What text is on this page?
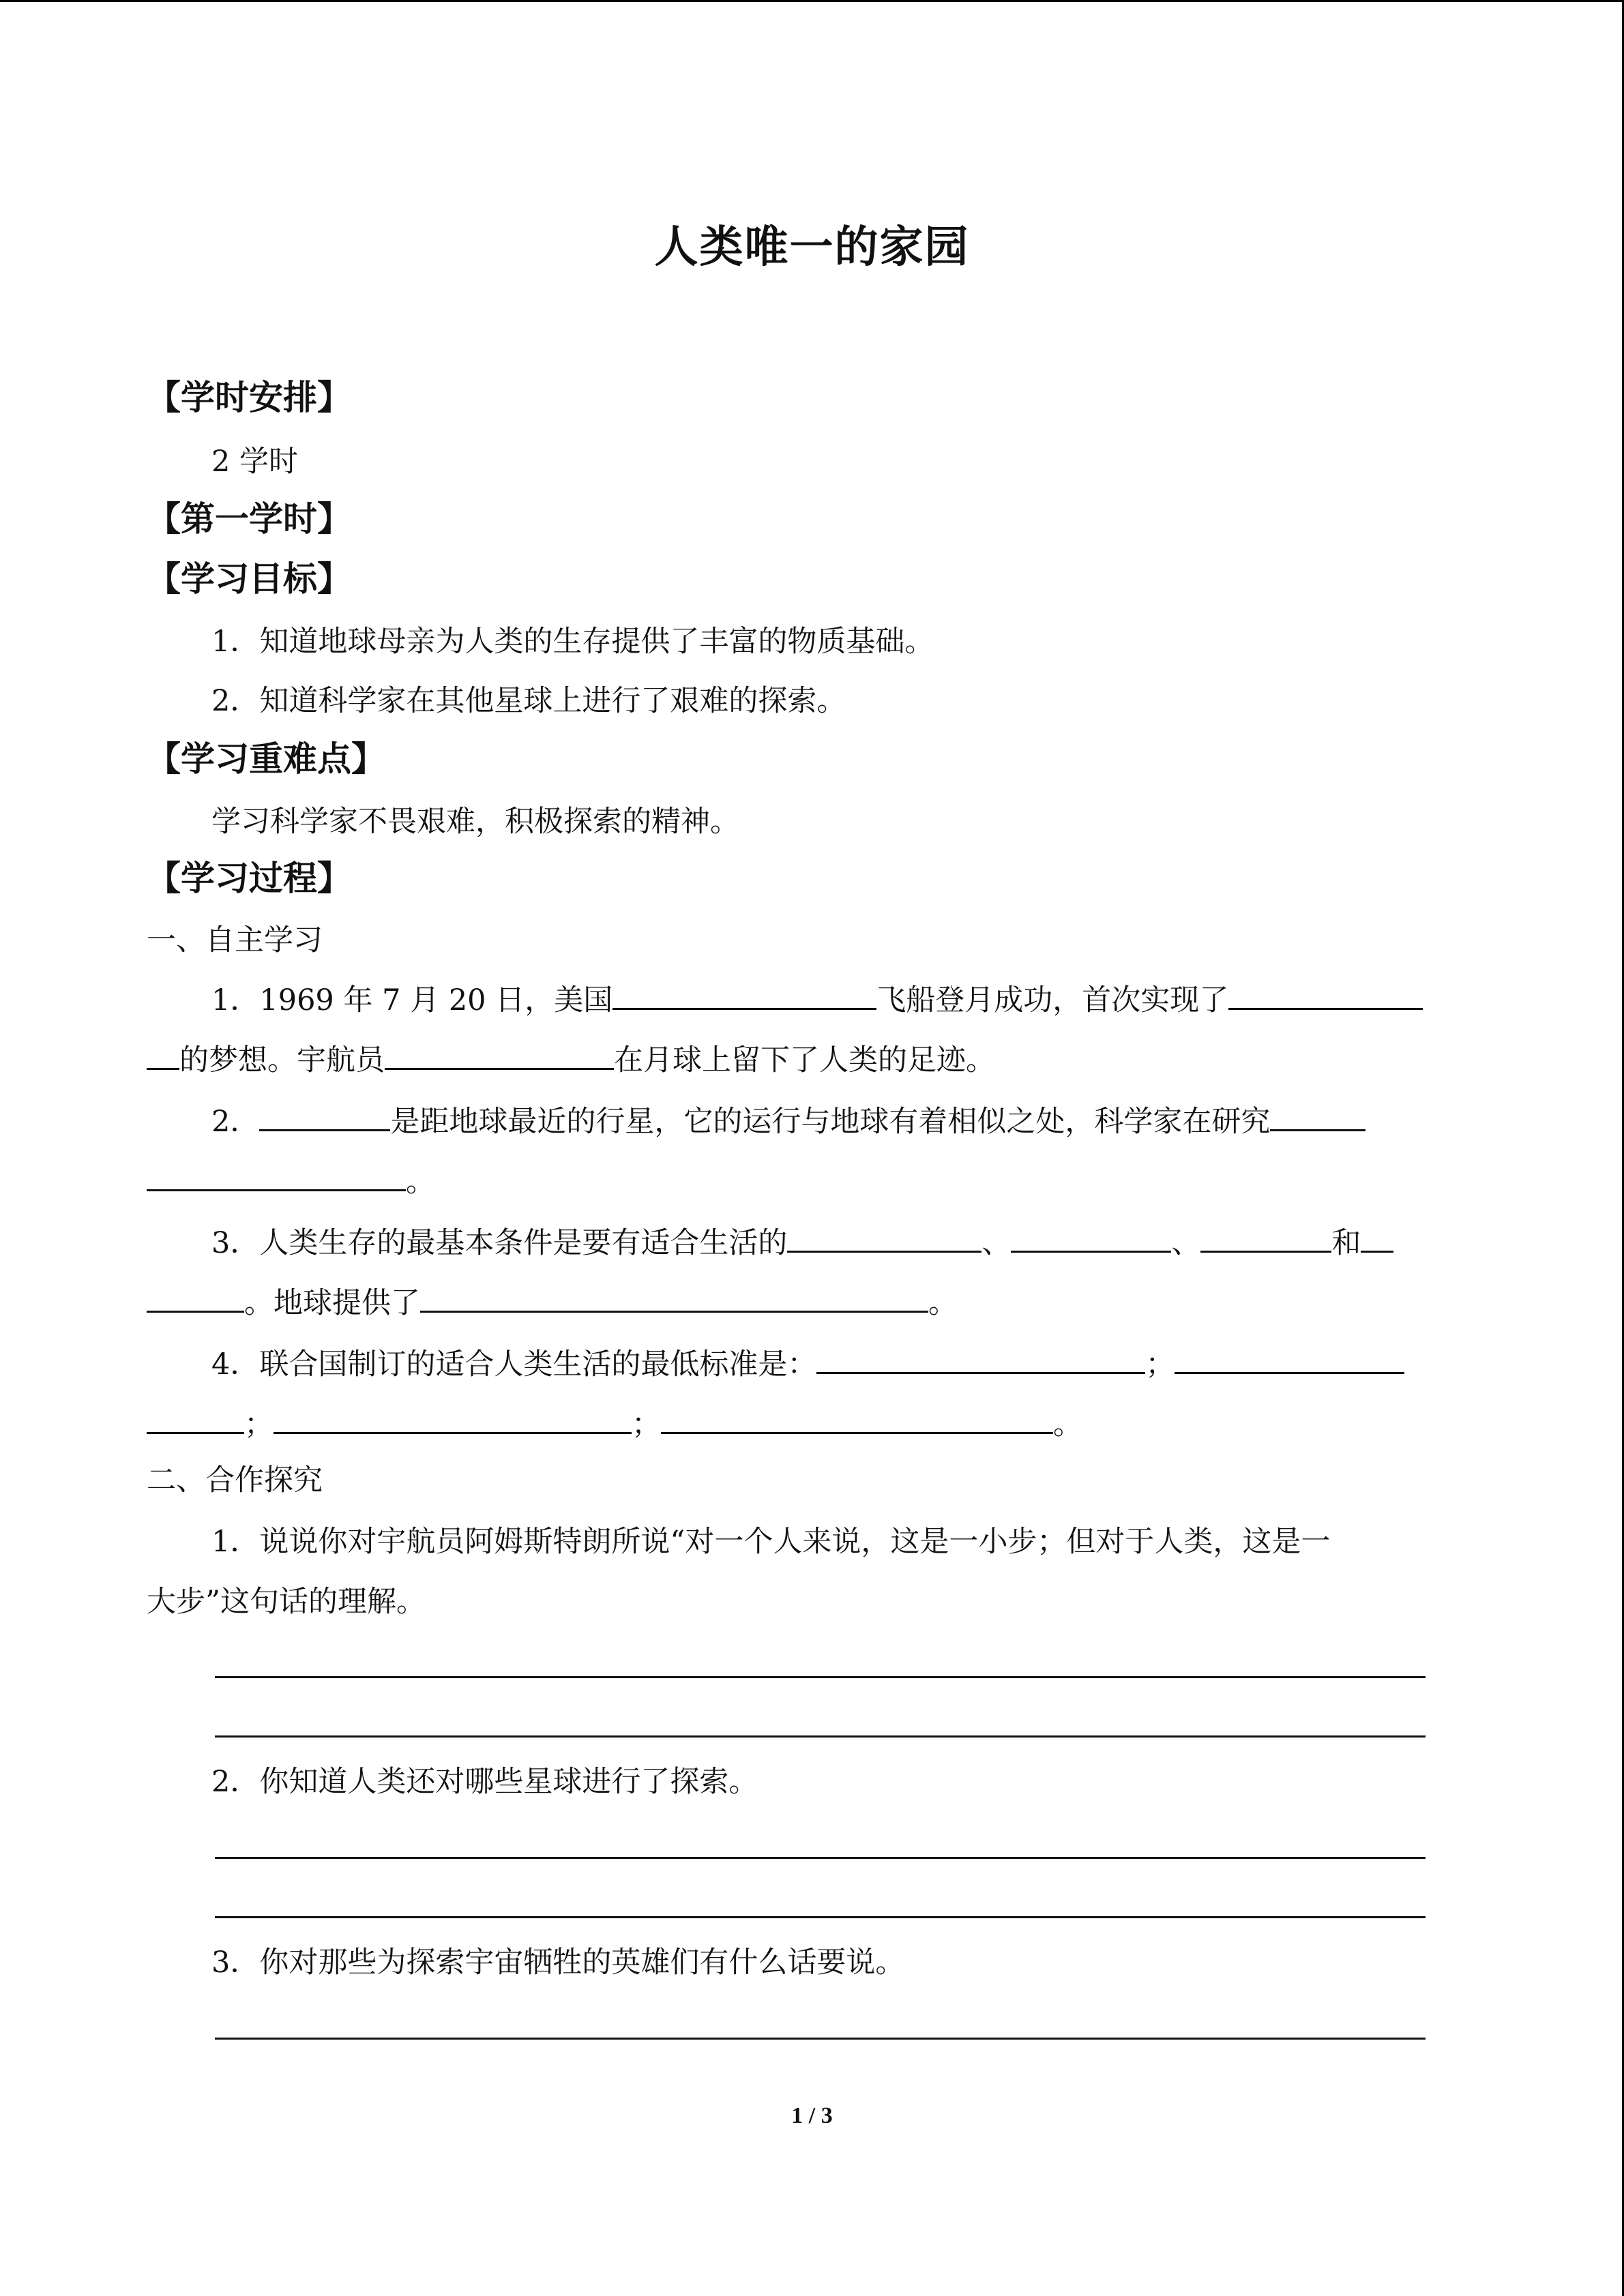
人类唯一的家园
【学时安排】
2 学时
【第一学时】
【学习目标】
1．知道地球母亲为人类的生存提供了丰富的物质基础。
2．知道科学家在其他星球上进行了艰难的探索。
【学习重难点】
学习科学家不畏艰难，积极探索的精神。
【学习过程】
一、自主学习
1．1969 年 7 月 20 日，美国	飞船登月成功，首次实现了
的梦想。宇航员	在月球上留下了人类的足迹。
2．	是距地球最近的行星，它的运行与地球有着相似之处，科学家在研究
。
3．人类生存的最基本条件是要有适合生活的	、	、	和
。地球提供了	。
4．联合国制订的适合人类生活的最低标准是：	；
；	；	。
二、合作探究
1．说说你对宇航员阿姆斯特朗所说“对一个人来说，这是一小步；但对于人类，这是一
大步”这句话的理解。
2．你知道人类还对哪些星球进行了探索。
3．你对那些为探索宇宙牺牲的英雄们有什么话要说。
1 / 3
